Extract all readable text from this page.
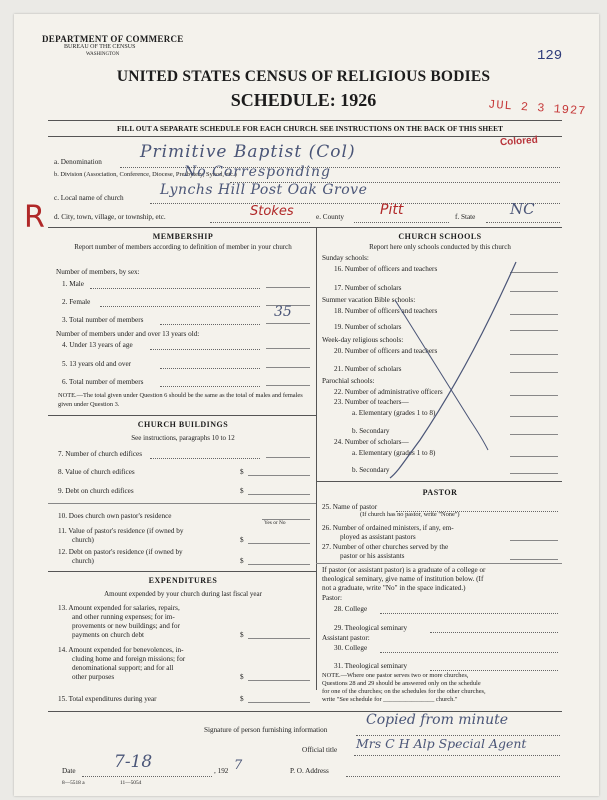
DEPARTMENT OF COMMERCE
BUREAU OF THE CENSUS
WASHINGTON	129
UNITED STATES CENSUS OF RELIGIOUS BODIES
SCHEDULE: 1926	JUL 2 3 1927
FILL OUT A SEPARATE SCHEDULE FOR EACH CHURCH. SEE INSTRUCTIONS ON THE BACK OF THIS SHEET
Colored
R
a. Denomination Primitive Baptist (Col)
b. Division (Association, Conference, Diocese, Presbytery, Synod, etc.)
No Corresponding
c. Local name of church	Lynchs Hill Post Oak Grove
d. City, town, village, or township, etc.	Stokes	e. County	Pitt	f. State NC
MEMBERSHIP
Report number of members according to definition of member in your church
Number of members, by sex:
1. Male
2. Female
3. Total number of members	35
Number of members under and over 13 years old:
4. Under 13 years of age
5. 13 years old and over
6. Total number of members
NOTE.—The total given under Question 6 should be the same as the total of males and females given under Question 3.
CHURCH BUILDINGS
See instructions, paragraphs 10 to 12
7. Number of church edifices
8. Value of church edifices	$
9. Debt on church edifices	$
10. Does church own pastor's residence
Yes or No
11. Value of pastor's residence (if owned by
church)	$
12. Debt on pastor's residence (if owned by
church)	$
EXPENDITURES
Amount expended by your church during last fiscal year
13. Amount expended for salaries, repairs,
and other running expenses; for im-
provements or new buildings; and for
payments on church debt	$
14. Amount expended for benevolences, in-
cluding home and foreign missions; for
denominational support; and for all
other purposes	$
15. Total expenditures during year	$
CHURCH SCHOOLS
Report here only schools conducted by this church
Sunday schools:
16. Number of officers and teachers
17. Number of scholars
Summer vacation Bible schools:
18. Number of officers and teachers
19. Number of scholars
Week-day religious schools:
20. Number of officers and teachers
21. Number of scholars
Parochial schools:
22. Number of administrative officers
23. Number of teachers—
a. Elementary (grades 1 to 8)
b. Secondary
24. Number of scholars—
a. Elementary (grades 1 to 8)
b. Secondary
PASTOR
25. Name of pastor
(If church has no pastor, write "None")
26. Number of ordained ministers, if any, em-
ployed as assistant pastors
27. Number of other churches served by the
pastor or his assistants
If pastor (or assistant pastor) is a graduate of a college or
theological seminary, give name of institution below. (If
not a graduate, write "No" in the space indicated.)
Pastor:
28. College
29. Theological seminary
Assistant pastor:
30. College
31. Theological seminary
NOTE.—Where one pastor serves two or more churches,
Questions 28 and 29 should be answered only on the schedule
for one of the churches; on the schedules for the other churches,
write "See schedule for ________________ church."
Signature of person furnishing information
Copied from minute
Official title Mrs C H Alp Special Agent
Date 7-18	, 192 7	P. O. Address
8—5518 a	11—5054
